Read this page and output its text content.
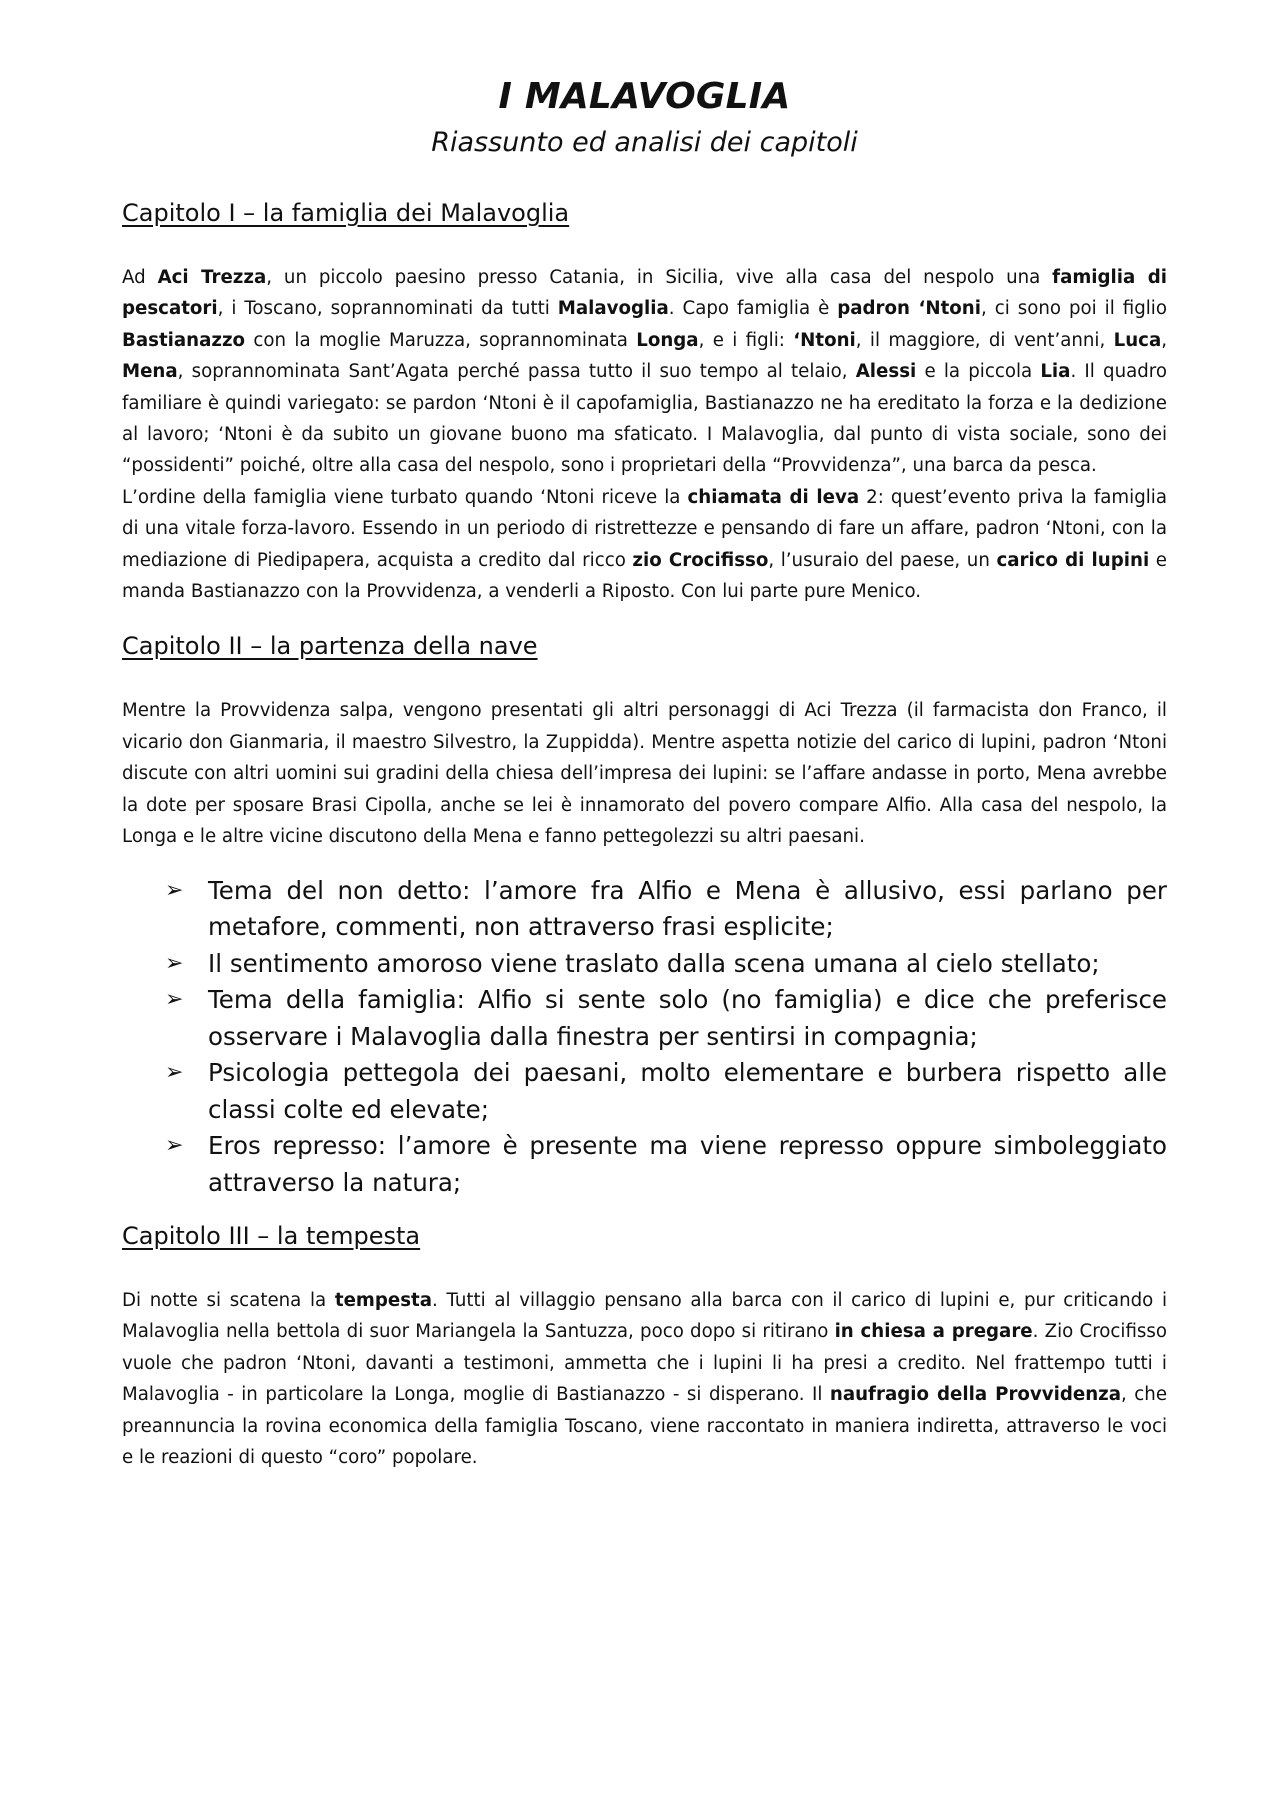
I MALAVOGLIA
Riassunto ed analisi dei capitoli
Capitolo I – la famiglia dei Malavoglia

Ad Aci Trezza, un piccolo paesino presso Catania, in Sicilia, vive alla casa del nespolo una famiglia di pescatori, i Toscano, soprannominati da tutti Malavoglia. Capo famiglia è padron ‘Ntoni, ci sono poi il figlio Bastianazzo con la moglie Maruzza, soprannominata Longa, e i figli: ‘Ntoni, il maggiore, di vent’anni, Luca, Mena, soprannominata Sant’Agata perché passa tutto il suo tempo al telaio, Alessi e la piccola Lia. Il quadro familiare è quindi variegato: se pardon ‘Ntoni è il capofamiglia, Bastianazzo ne ha ereditato la forza e la dedizione al lavoro; ‘Ntoni è da subito un giovane buono ma sfaticato. I Malavoglia, dal punto di vista sociale, sono dei “possidenti” poiché, oltre alla casa del nespolo, sono i proprietari della “Provvidenza”, una barca da pesca.
L’ordine della famiglia viene turbato quando ‘Ntoni riceve la chiamata di leva 2: quest’evento priva la famiglia di una vitale forza-lavoro. Essendo in un periodo di ristrettezze e pensando di fare un affare, padron ‘Ntoni, con la mediazione di Piedipapera, acquista a credito dal ricco zio Crocifisso, l’usuraio del paese, un carico di lupini e manda Bastianazzo con la Provvidenza, a venderli a Riposto. Con lui parte pure Menico.

Capitolo II – la partenza della nave

Mentre la Provvidenza salpa, vengono presentati gli altri personaggi di Aci Trezza (il farmacista don Franco, il vicario don Gianmaria, il maestro Silvestro, la Zuppidda). Mentre aspetta notizie del carico di lupini, padron ‘Ntoni discute con altri uomini sui gradini della chiesa dell’impresa dei lupini: se l’affare andasse in porto, Mena avrebbe la dote per sposare Brasi Cipolla, anche se lei è innamorato del povero compare Alfio. Alla casa del nespolo, la Longa e le altre vicine discutono della Mena e fanno pettegolezzi su altri paesani.

➢ Tema del non detto: l’amore fra Alfio e Mena è allusivo, essi parlano per metafore, commenti, non attraverso frasi esplicite;
➢ Il sentimento amoroso viene traslato dalla scena umana al cielo stellato;
➢ Tema della famiglia: Alfio si sente solo (no famiglia) e dice che preferisce osservare i Malavoglia dalla finestra per sentirsi in compagnia;
➢ Psicologia pettegola dei paesani, molto elementare e burbera rispetto alle classi colte ed elevate;
➢ Eros represso: l’amore è presente ma viene represso oppure simboleggiato attraverso la natura;
Capitolo III – la tempesta

Di notte si scatena la tempesta. Tutti al villaggio pensano alla barca con il carico di lupini e, pur criticando i Malavoglia nella bettola di suor Mariangela la Santuzza, poco dopo si ritirano in chiesa a pregare. Zio Crocifisso vuole che padron ‘Ntoni, davanti a testimoni, ammetta che i lupini li ha presi a credito. Nel frattempo tutti i Malavoglia - in particolare la Longa, moglie di Bastianazzo - si disperano. Il naufragio della Provvidenza, che preannuncia la rovina economica della famiglia Toscano, viene raccontato in maniera indiretta, attraverso le voci e le reazioni di questo “coro” popolare.
